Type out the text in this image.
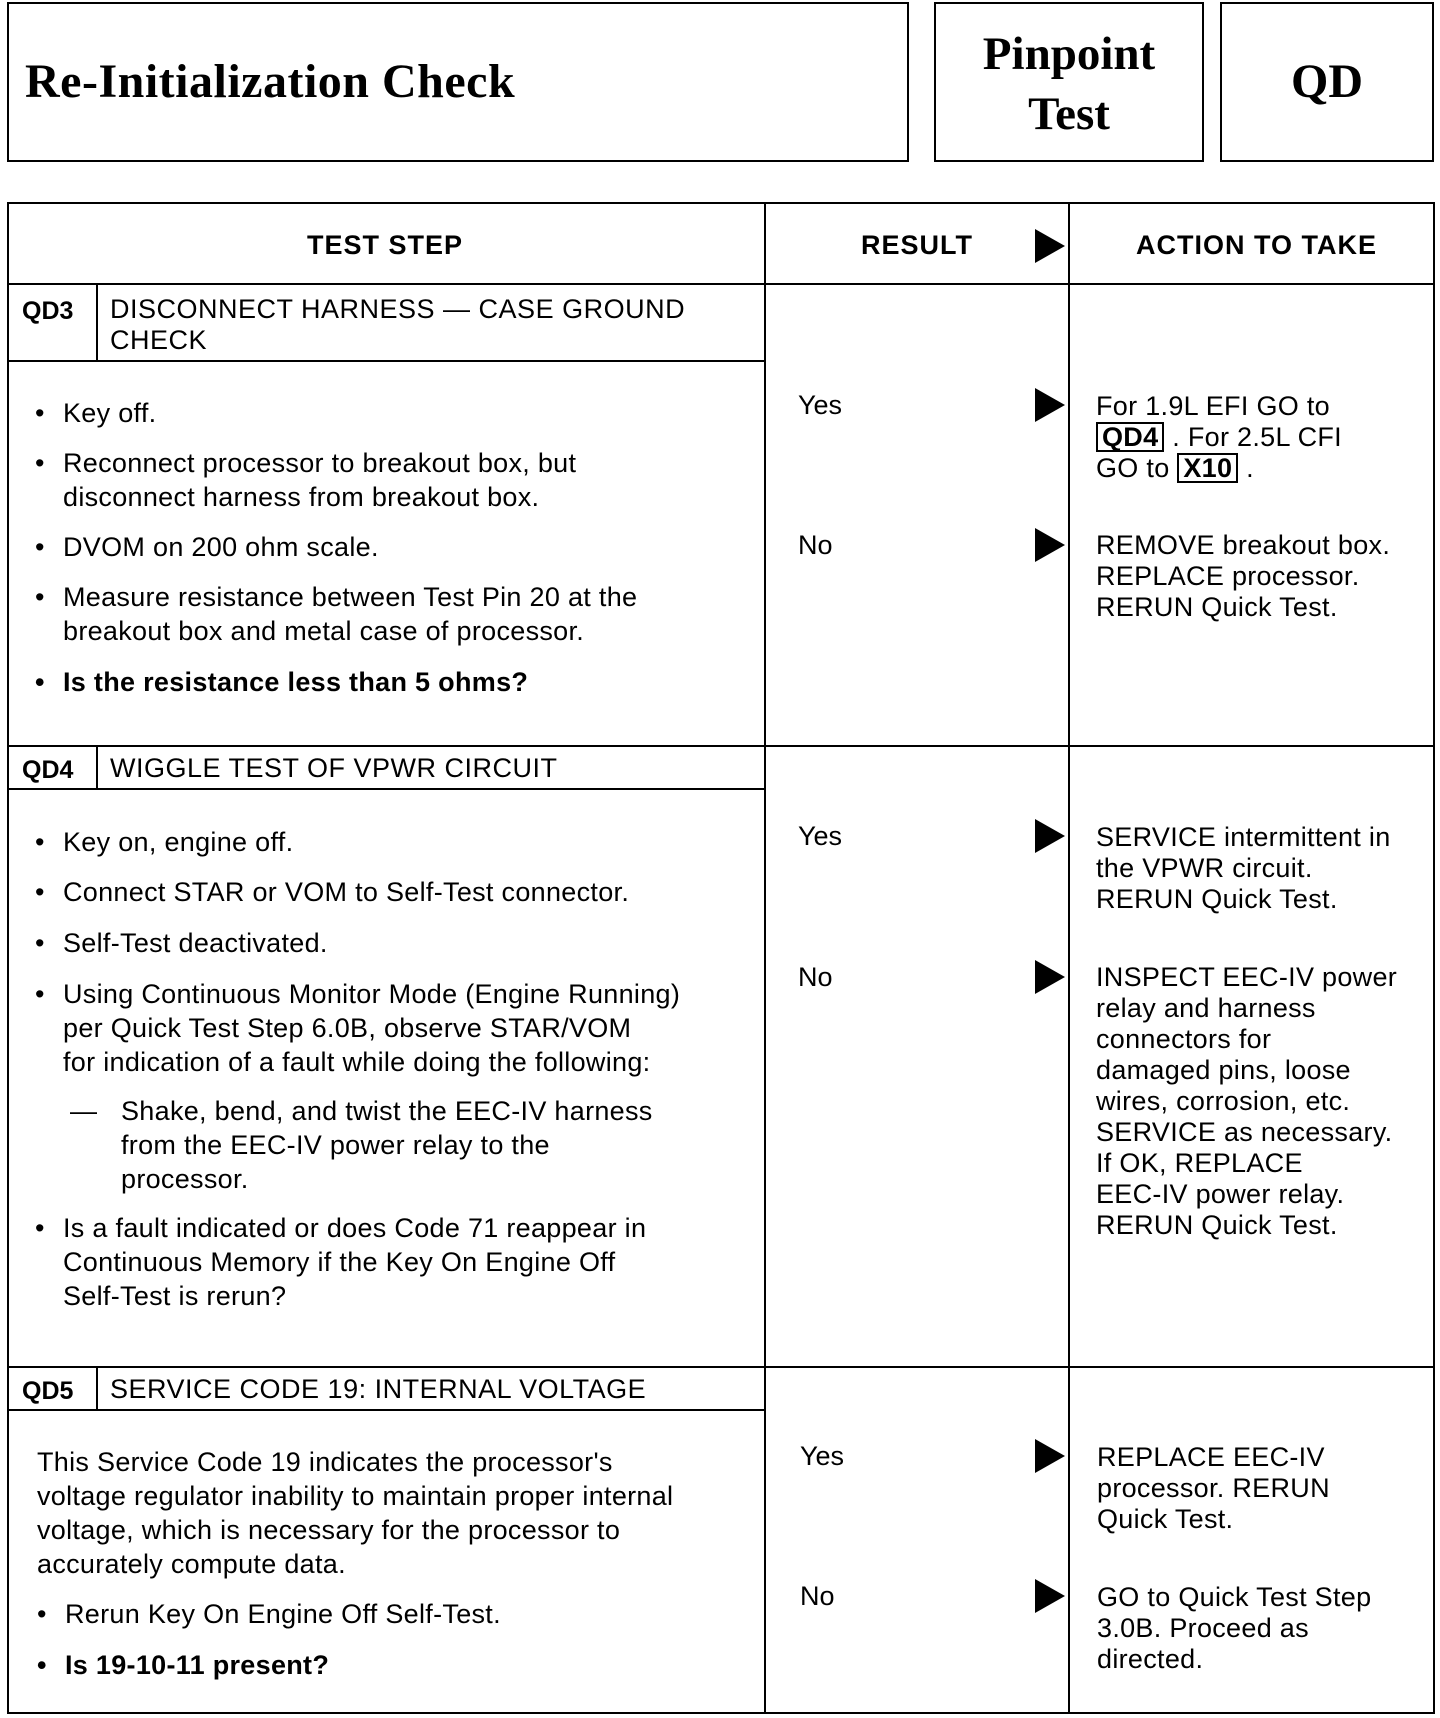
Re-Initialization Check
Pinpoint
Test
QD
TEST STEP	RESULT	ACTION TO TAKE
QD3 DISCONNECT HARNESS — CASE GROUND
CHECK
• Key off.
• Reconnect processor to breakout box, but
disconnect harness from breakout box.
• DVOM on 200 ohm scale.
• Measure resistance between Test Pin 20 at the
breakout box and metal case of processor.
• Is the resistance less than 5 ohms?
Yes
No
For 1.9L EFI GO to
QD4 . For 2.5L CFI
GO to X10 .
REMOVE breakout box.
REPLACE processor.
RERUN Quick Test.
QD4 WIGGLE TEST OF VPWR CIRCUIT
• Key on, engine off.
• Connect STAR or VOM to Self-Test connector.
• Self-Test deactivated.
• Using Continuous Monitor Mode (Engine Running)
per Quick Test Step 6.0B, observe STAR/VOM
for indication of a fault while doing the following:
— Shake, bend, and twist the EEC-IV harness
from the EEC-IV power relay to the
processor.
• Is a fault indicated or does Code 71 reappear in
Continuous Memory if the Key On Engine Off
Self-Test is rerun?
Yes
No
SERVICE intermittent in
the VPWR circuit.
RERUN Quick Test.
INSPECT EEC-IV power
relay and harness
connectors for
damaged pins, loose
wires, corrosion, etc.
SERVICE as necessary.
If OK, REPLACE
EEC-IV power relay.
RERUN Quick Test.
QD5 SERVICE CODE 19: INTERNAL VOLTAGE
This Service Code 19 indicates the processor's
voltage regulator inability to maintain proper internal
voltage, which is necessary for the processor to
accurately compute data.
• Rerun Key On Engine Off Self-Test.
• Is 19-10-11 present?
Yes
No
REPLACE EEC-IV
processor. RERUN
Quick Test.
GO to Quick Test Step
3.0B. Proceed as
directed.
